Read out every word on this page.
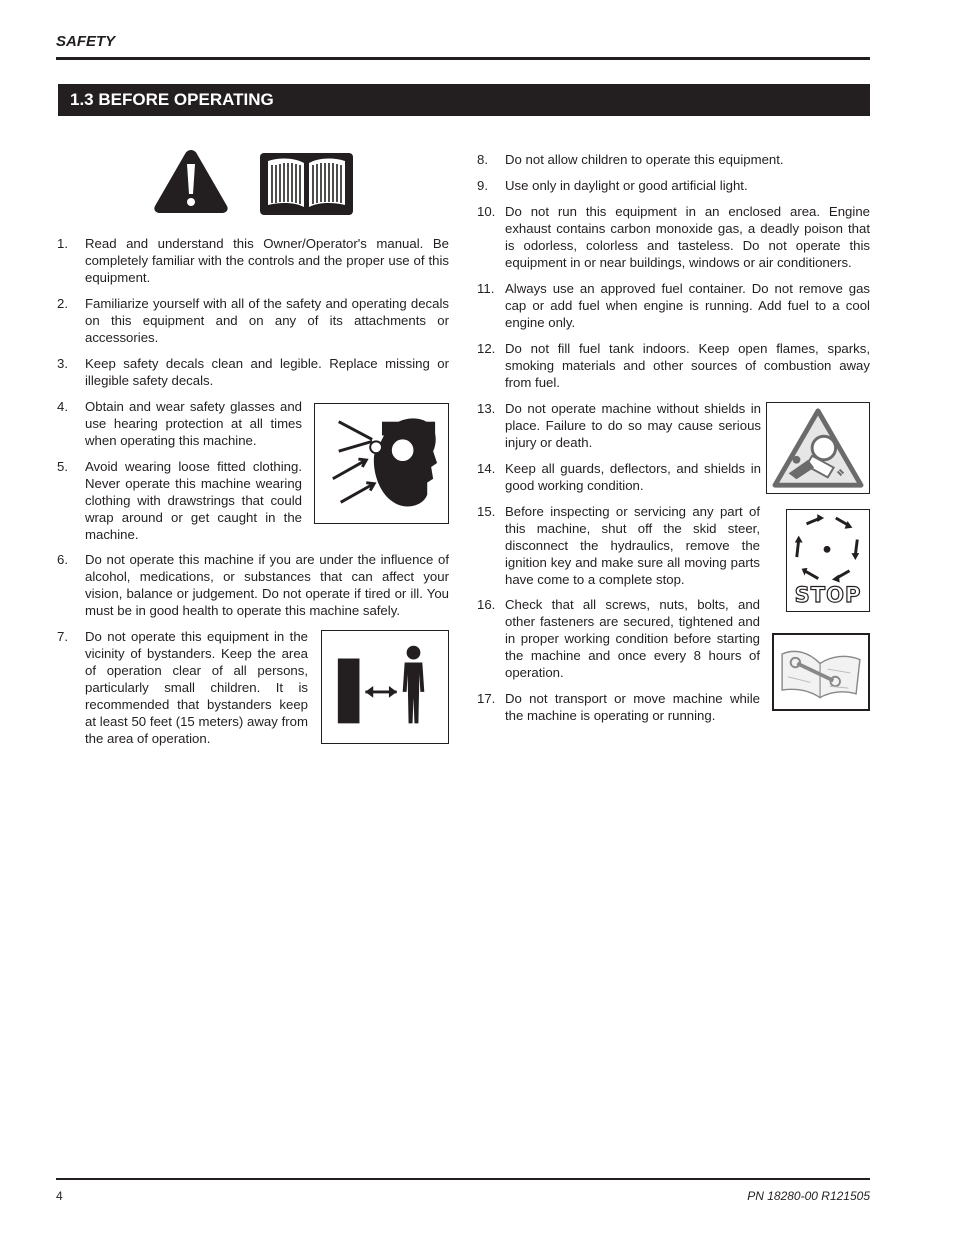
SAFETY
1.3 BEFORE OPERATING
1. Read and understand this Owner/Operator's manual. Be completely familiar with the controls and the proper use of this equipment.
2. Familiarize yourself with all of the safety and operating decals on this equipment and on any of its attachments or accessories.
3. Keep safety decals clean and legible. Replace missing or illegible safety decals.
4. Obtain and wear safety glasses and use hearing protection at all times when operating this machine.
5. Avoid wearing loose fitted clothing. Never operate this machine wearing clothing with drawstrings that could wrap around or get caught in the machine.
6. Do not operate this machine if you are under the influence of alcohol, medications, or substances that can affect your vision, balance or judgement. Do not operate if tired or ill. You must be in good health to operate this machine safely.
7. Do not operate this equipment in the vicinity of bystanders. Keep the area of operation clear of all persons, particularly small children. It is recommended that bystanders keep at least 50 feet (15 meters) away from the area of operation.
8. Do not allow children to operate this equipment.
9. Use only in daylight or good artificial light.
10. Do not run this equipment in an enclosed area. Engine exhaust contains carbon monoxide gas, a deadly poison that is odorless, colorless and tasteless. Do not operate this equipment in or near buildings, windows or air conditioners.
11. Always use an approved fuel container. Do not remove gas cap or add fuel when engine is running. Add fuel to a cool engine only.
12. Do not fill fuel tank indoors. Keep open flames, sparks, smoking materials and other sources of combustion away from fuel.
13. Do not operate machine without shields in place. Failure to do so may cause serious injury or death.
14. Keep all guards, deflectors, and shields in good working condition.
15. Before inspecting or servicing any part of this machine, shut off the skid steer, disconnect the hydraulics, remove the ignition key and make sure all moving parts have come to a complete stop.
16. Check that all screws, nuts, bolts, and other fasteners are secured, tightened and in proper working condition before starting the machine and once every 8 hours of operation.
17. Do not transport or move machine while the machine is operating or running.
STOP
4	PN 18280-00 R121505
